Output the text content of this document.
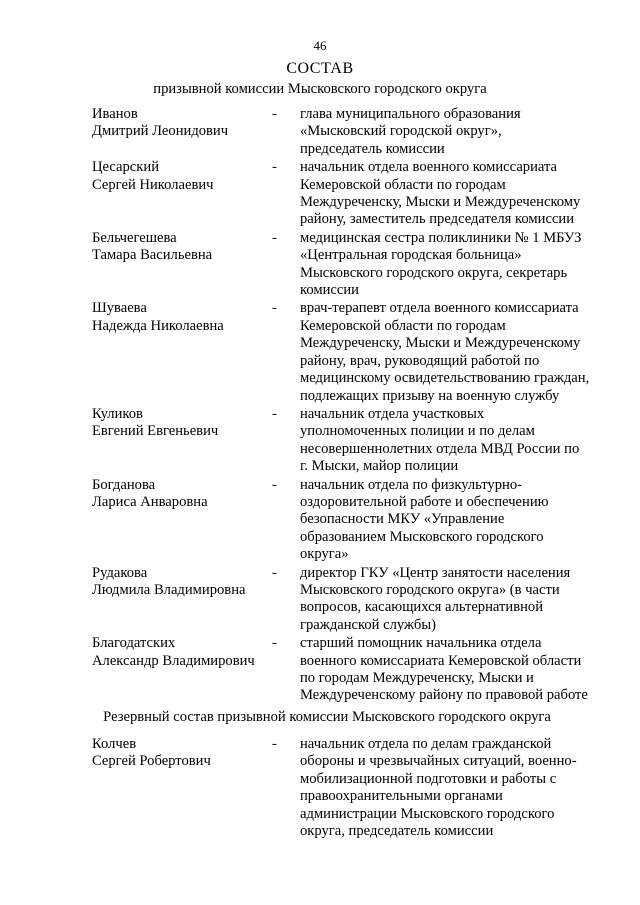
46
СОСТАВ
призывной комиссии Мысковского городского округа
Иванов
Дмитрий Леонидович
-	глава муниципального образования
«Мысковский городской округ»,
председатель комиссии
Цесарский
Сергей Николаевич
-	начальник отдела военного комиссариата
Кемеровской области по городам
Междуреченску, Мыски и Междуреченскому
району, заместитель председателя комиссии
Бельчегешева
Тамара Васильевна
-	медицинская сестра поликлиники № 1 МБУЗ
«Центральная городская больница»
Мысковского городского округа, секретарь
комиссии
Шуваева
Надежда Николаевна
-	врач-терапевт отдела военного комиссариата
Кемеровской области по городам
Междуреченску, Мыски и Междуреченскому
району, врач, руководящий работой по
медицинскому освидетельствованию граждан,
подлежащих призыву на военную службу
Куликов
Евгений Евгеньевич
-	начальник отдела участковых
уполномоченных полиции и по делам
несовершеннолетних отдела МВД России по
г. Мыски, майор полиции
Богданова
Лариса Анваровна
-	начальник отдела по физкультурно-
оздоровительной работе и обеспечению
безопасности МКУ «Управление
образованием Мысковского городского
округа»
Рудакова
Людмила Владимировна
-	директор ГКУ «Центр занятости населения
Мысковского городского округа» (в части
вопросов, касающихся альтернативной
гражданской службы)
Благодатских
Александр Владимирович
-	старший помощник начальника отдела
военного комиссариата Кемеровской области
по городам Междуреченску, Мыски и
Междуреченскому району по правовой работе
Резервный состав призывной комиссии Мысковского городского округа
Колчев
Сергей Робертович
-	начальник отдела по делам гражданской
обороны и чрезвычайных ситуаций, военно-
мобилизационной подготовки и работы с
правоохранительными органами
администрации Мысковского городского
округа, председатель комиссии
